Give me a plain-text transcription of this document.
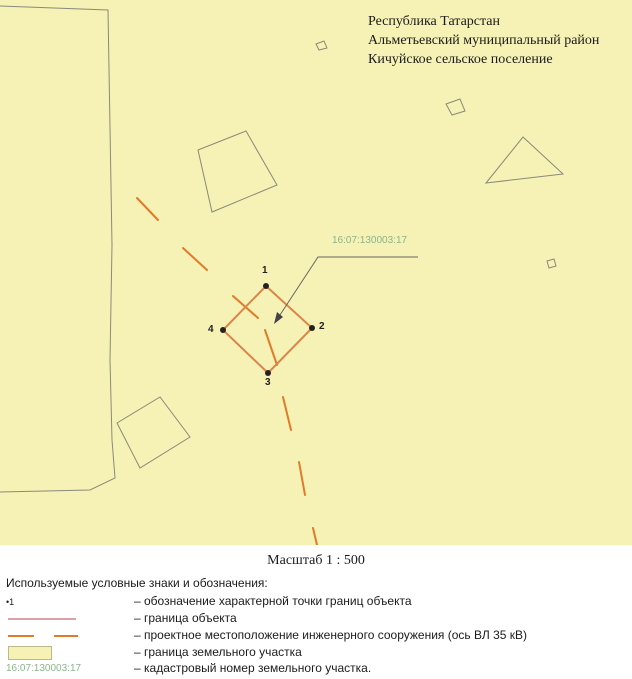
Республика Татарстан
Альметьевский муниципальный район
Кичуйское сельское поселение
16:07:130003:17
1
2
3
4
Масштаб 1 : 500
Используемые условные знаки и обозначения:
•1	– обозначение характерной точки границ объекта
– граница объекта
– проектное местоположение инженерного сооружения (ось ВЛ 35 кВ)
– граница земельного участка
16:07:130003:17	– кадастровый номер земельного участка.
